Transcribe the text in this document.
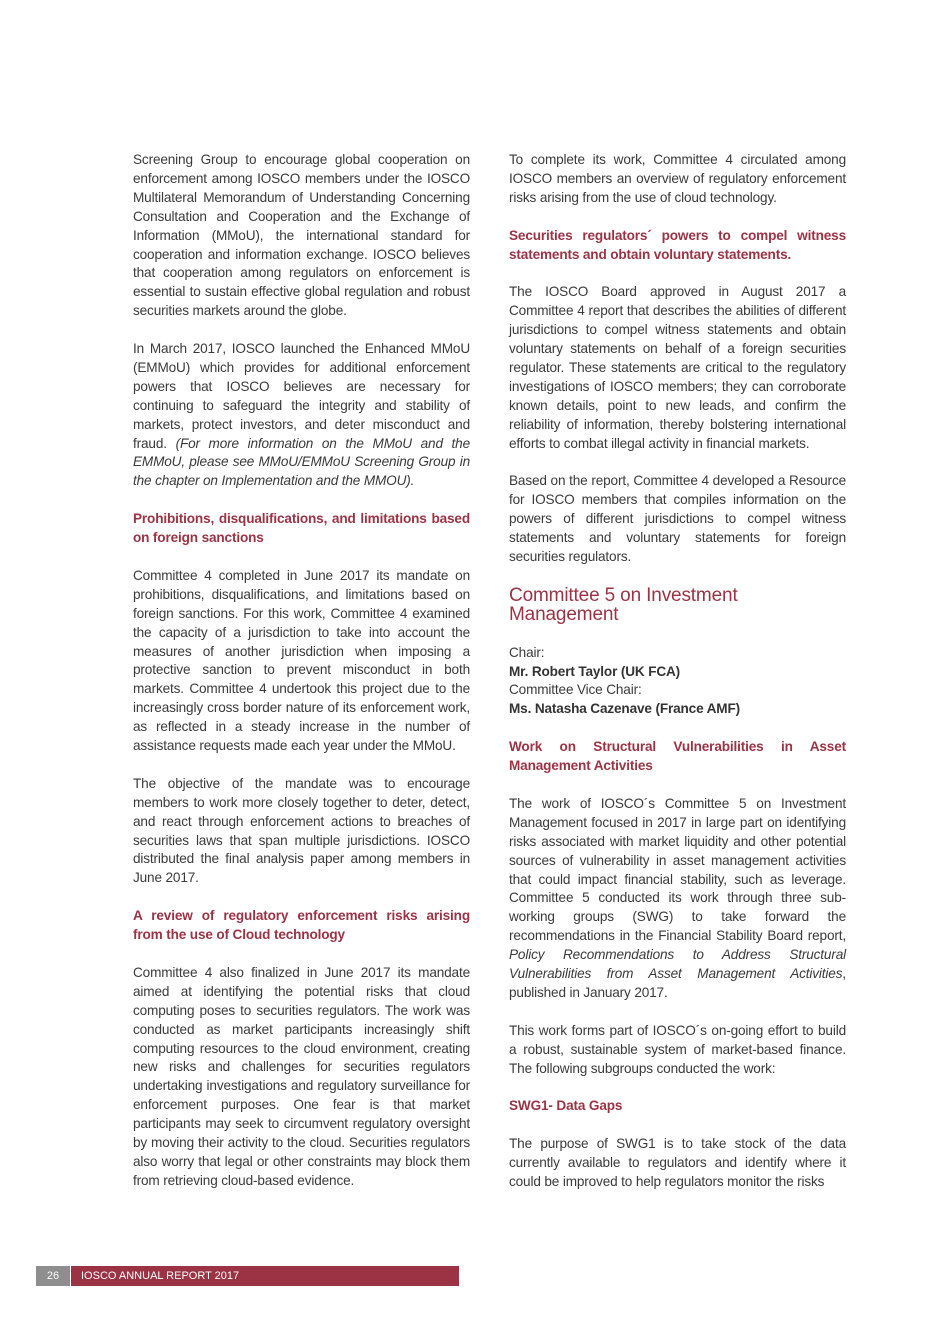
Screening Group to encourage global cooperation on enforcement among IOSCO members under the IOSCO Multilateral Memorandum of Understanding Concerning Consultation and Cooperation and the Exchange of Information (MMoU), the international standard for cooperation and information exchange. IOSCO believes that cooperation among regulators on enforcement is essential to sustain effective global regulation and robust securities markets around the globe.

In March 2017, IOSCO launched the Enhanced MMoU (EMMoU) which provides for additional enforcement powers that IOSCO believes are necessary for continuing to safeguard the integrity and stability of markets, protect investors, and deter misconduct and fraud. (For more information on the MMoU and the EMMoU, please see MMoU/EMMoU Screening Group in the chapter on Implementation and the MMOU).

Prohibitions, disqualifications, and limitations based on foreign sanctions

Committee 4 completed in June 2017 its mandate on prohibitions, disqualifications, and limitations based on foreign sanctions. For this work, Committee 4 examined the capacity of a jurisdiction to take into account the measures of another jurisdiction when imposing a protective sanction to prevent misconduct in both markets. Committee 4 undertook this project due to the increasingly cross border nature of its enforcement work, as reflected in a steady increase in the number of assistance requests made each year under the MMoU.

The objective of the mandate was to encourage members to work more closely together to deter, detect, and react through enforcement actions to breaches of securities laws that span multiple jurisdictions. IOSCO distributed the final analysis paper among members in June 2017.

A review of regulatory enforcement risks arising from the use of Cloud technology

Committee 4 also finalized in June 2017 its mandate aimed at identifying the potential risks that cloud computing poses to securities regulators. The work was conducted as market participants increasingly shift computing resources to the cloud environment, creating new risks and challenges for securities regulators undertaking investigations and regulatory surveillance for enforcement purposes. One fear is that market participants may seek to circumvent regulatory oversight by moving their activity to the cloud. Securities regulators also worry that legal or other constraints may block them from retrieving cloud-based evidence.

To complete its work, Committee 4 circulated among IOSCO members an overview of regulatory enforcement risks arising from the use of cloud technology.

Securities regulators´ powers to compel witness statements and obtain voluntary statements.

The IOSCO Board approved in August 2017 a Committee 4 report that describes the abilities of different jurisdictions to compel witness statements and obtain voluntary statements on behalf of a foreign securities regulator. These statements are critical to the regulatory investigations of IOSCO members; they can corroborate known details, point to new leads, and confirm the reliability of information, thereby bolstering international efforts to combat illegal activity in financial markets.

Based on the report, Committee 4 developed a Resource for IOSCO members that compiles information on the powers of different jurisdictions to compel witness statements and voluntary statements for foreign securities regulators.

Committee 5 on Investment Management
Chair:
Mr. Robert Taylor (UK FCA)
Committee Vice Chair:
Ms. Natasha Cazenave (France AMF)
Work on Structural Vulnerabilities in Asset Management Activities

The work of IOSCO´s Committee 5 on Investment Management focused in 2017 in large part on identifying risks associated with market liquidity and other potential sources of vulnerability in asset management activities that could impact financial stability, such as leverage. Committee 5 conducted its work through three sub-working groups (SWG) to take forward the recommendations in the Financial Stability Board report, Policy Recommendations to Address Structural Vulnerabilities from Asset Management Activities, published in January 2017.

This work forms part of IOSCO´s on-going effort to build a robust, sustainable system of market-based finance. The following subgroups conducted the work:

SWG1- Data Gaps

The purpose of SWG1 is to take stock of the data currently available to regulators and identify where it could be improved to help regulators monitor the risks

26	IOSCO ANNUAL REPORT 2017
